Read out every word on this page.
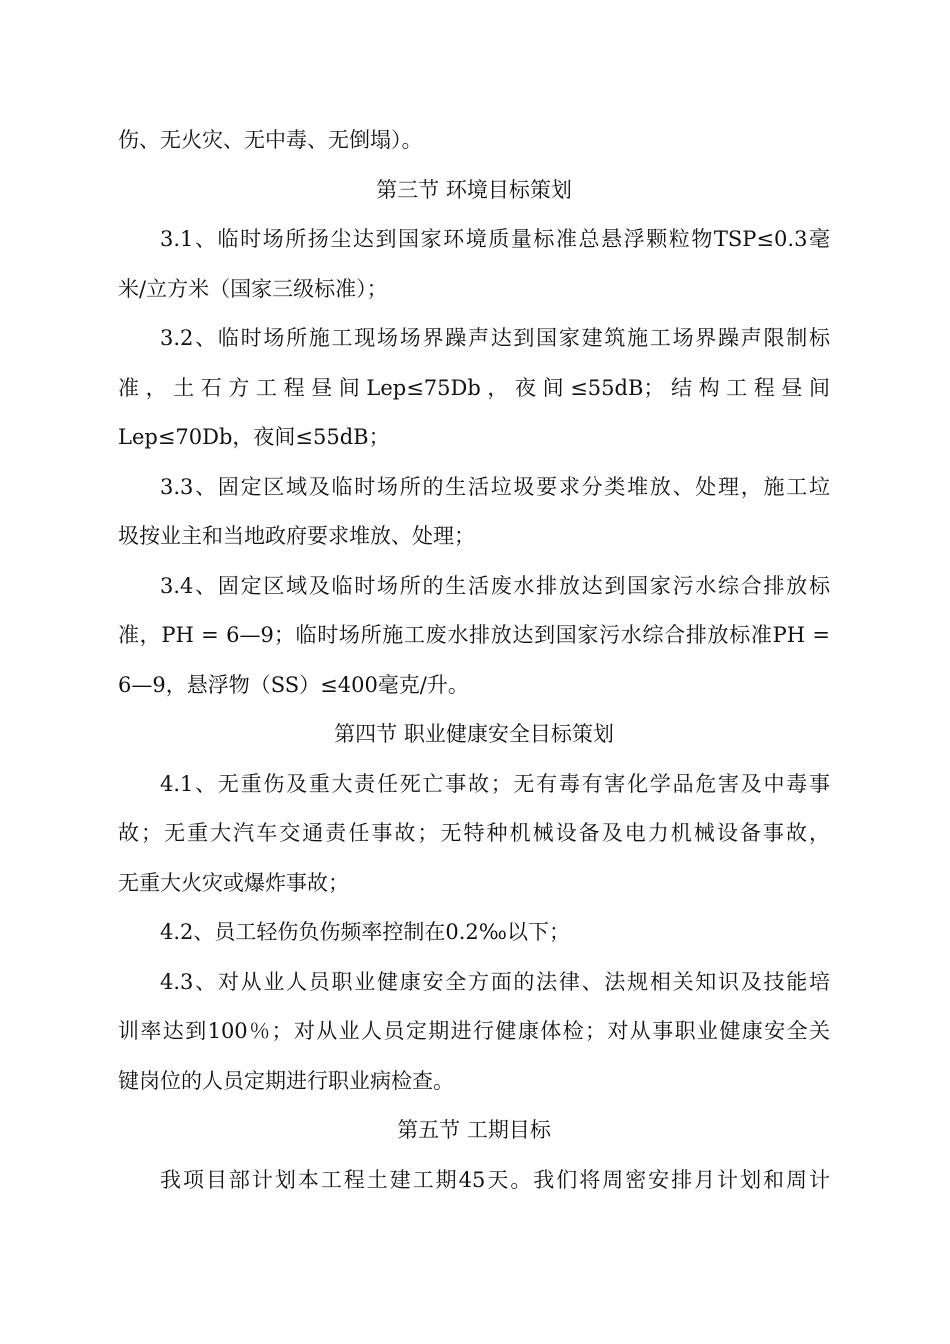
伤、无火灾、无中毒、无倒塌）。
第三节 环境目标策划
3.1、临时场所扬尘达到国家环境质量标准总悬浮颗粒物TSP≤0.3毫
米/立方米（国家三级标准）；
3.2、临时场所施工现场场界躁声达到国家建筑施工场界躁声限制标
准，土石方工程昼间Lep≤75Db，夜间≤55dB；结构工程昼间
Lep≤70Db，夜间≤55dB；
3.3、固定区域及临时场所的生活垃圾要求分类堆放、处理，施工垃
圾按业主和当地政府要求堆放、处理；
3.4、固定区域及临时场所的生活废水排放达到国家污水综合排放标
准，PH = 6—9；临时场所施工废水排放达到国家污水综合排放标准PH =
6—9，悬浮物（SS）≤400毫克/升。
第四节 职业健康安全目标策划
4.1、无重伤及重大责任死亡事故；无有毒有害化学品危害及中毒事
故；无重大汽车交通责任事故；无特种机械设备及电力机械设备事故，
无重大火灾或爆炸事故；
4.2、员工轻伤负伤频率控制在0.2‰以下；
4.3、对从业人员职业健康安全方面的法律、法规相关知识及技能培
训率达到100％；对从业人员定期进行健康体检；对从事职业健康安全关
键岗位的人员定期进行职业病检查。
第五节 工期目标
我项目部计划本工程土建工期45天。我们将周密安排月计划和周计
